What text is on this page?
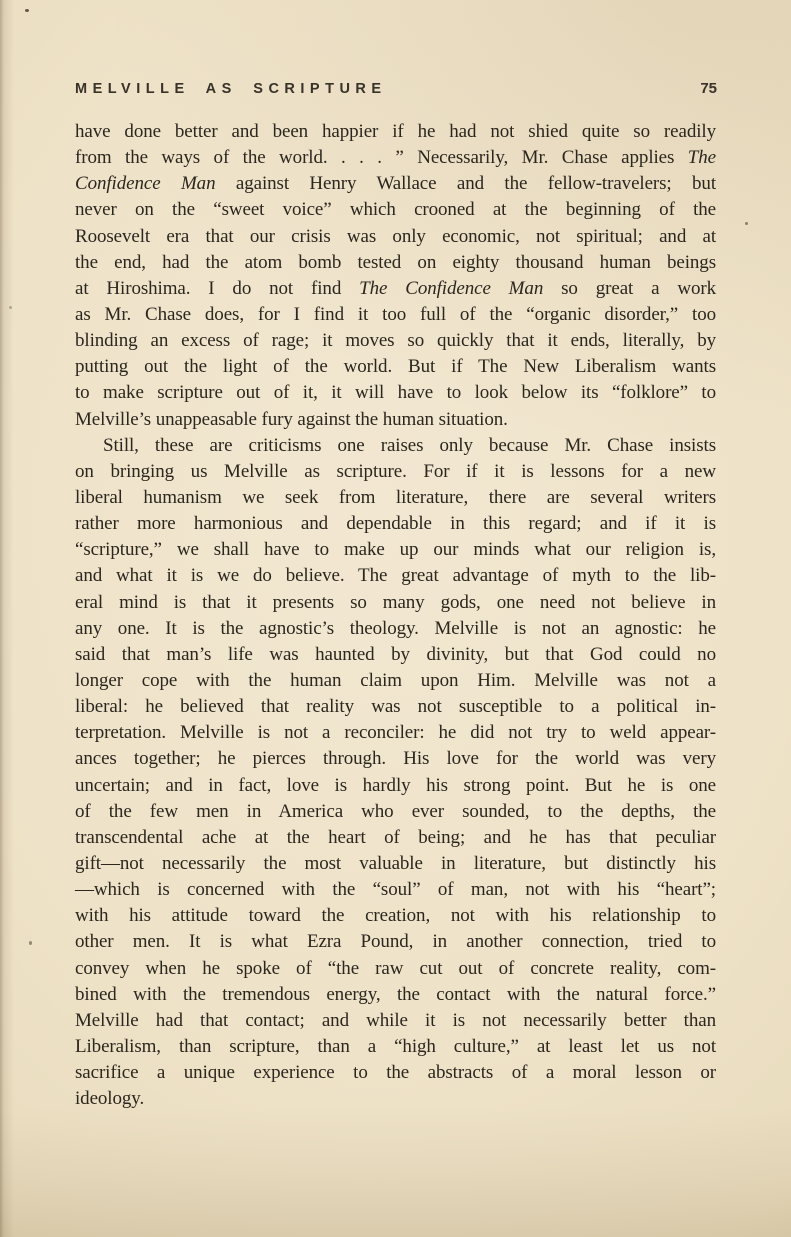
MELVILLE AS SCRIPTURE	75
have done better and been happier if he had not shied quite so readily
from the ways of the world. . . . ” Necessarily, Mr. Chase applies The
Confidence Man against Henry Wallace and the fellow-travelers; but
never on the “sweet voice” which crooned at the beginning of the
Roosevelt era that our crisis was only economic, not spiritual; and at
the end, had the atom bomb tested on eighty thousand human beings
at Hiroshima. I do not find The Confidence Man so great a work
as Mr. Chase does, for I find it too full of the “organic disorder,” too
blinding an excess of rage; it moves so quickly that it ends, literally, by
putting out the light of the world. But if The New Liberalism wants
to make scripture out of it, it will have to look below its “folklore” to
Melville’s unappeasable fury against the human situation.
Still, these are criticisms one raises only because Mr. Chase insists
on bringing us Melville as scripture. For if it is lessons for a new
liberal humanism we seek from literature, there are several writers
rather more harmonious and dependable in this regard; and if it is
“scripture,” we shall have to make up our minds what our religion is,
and what it is we do believe. The great advantage of myth to the lib-
eral mind is that it presents so many gods, one need not believe in
any one. It is the agnostic’s theology. Melville is not an agnostic: he
said that man’s life was haunted by divinity, but that God could no
longer cope with the human claim upon Him. Melville was not a
liberal: he believed that reality was not susceptible to a political in-
terpretation. Melville is not a reconciler: he did not try to weld appear-
ances together; he pierces through. His love for the world was very
uncertain; and in fact, love is hardly his strong point. But he is one
of the few men in America who ever sounded, to the depths, the
transcendental ache at the heart of being; and he has that peculiar
gift—not necessarily the most valuable in literature, but distinctly his
—which is concerned with the “soul” of man, not with his “heart”;
with his attitude toward the creation, not with his relationship to
other men. It is what Ezra Pound, in another connection, tried to
convey when he spoke of “the raw cut out of concrete reality, com-
bined with the tremendous energy, the contact with the natural force.”
Melville had that contact; and while it is not necessarily better than
Liberalism, than scripture, than a “high culture,” at least let us not
sacrifice a unique experience to the abstracts of a moral lesson or
ideology.
